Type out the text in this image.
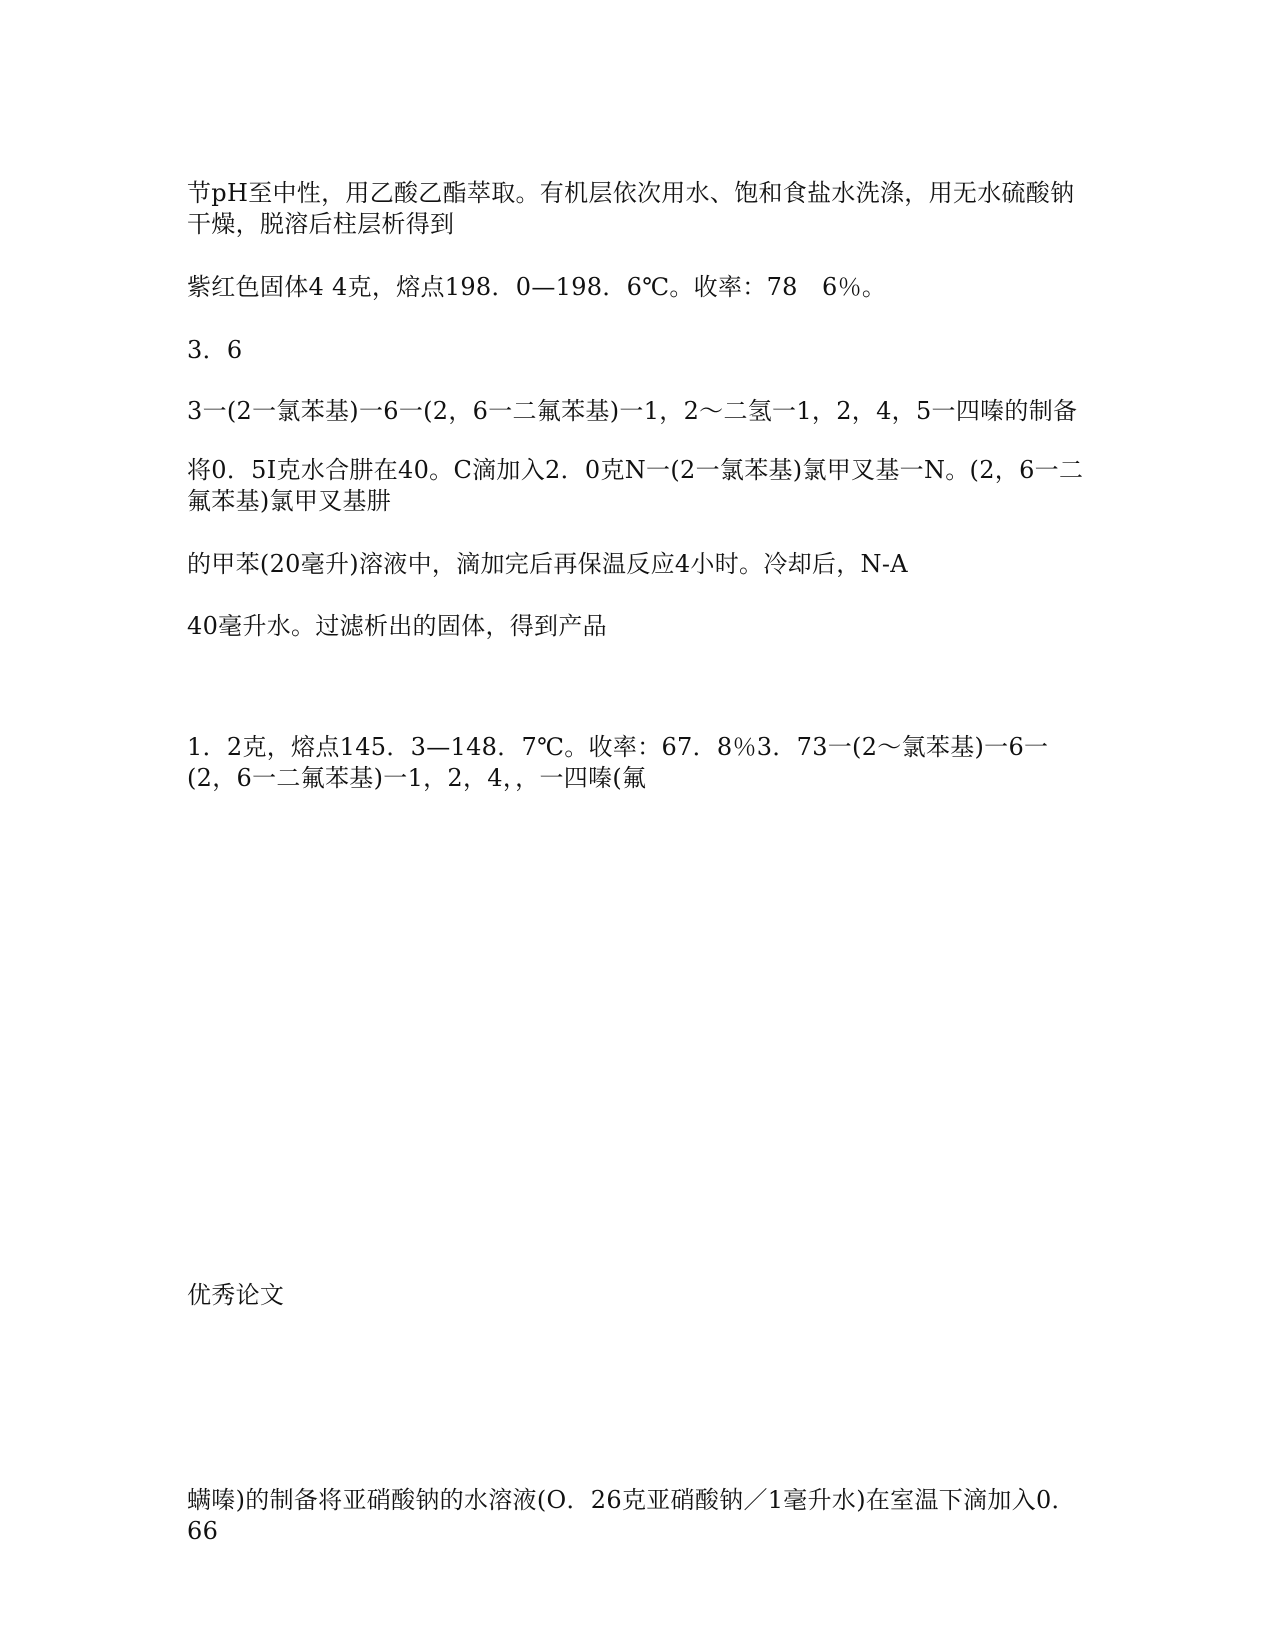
节pH至中性，用乙酸乙酯萃取。有机层依次用水、饱和食盐水洗涤，用无水硫酸钠干燥，脱溶后柱层析得到

紫红色固体4 4克，熔点198．0—198．6℃。收率：78　6％。

3．6

3一(2一氯苯基)一6一(2，6一二氟苯基)一1，2～二氢一1，2，4，5一四嗪的制备

将0．5I克水合肼在40。C滴加入2．0克N一(2一氯苯基)氯甲叉基一N。(2，6一二氟苯基)氯甲叉基肼

的甲苯(20毫升)溶液中，滴加完后再保温反应4小时。冷却后，N-A

40毫升水。过滤析出的固体，得到产品

1．2克，熔点145．3—148．7℃。收率：67．8％3．73一(2～氯苯基)一6一(2，6一二氟苯基)一1，2，4，，一四嗪(氟

优秀论文

螨嗪)的制备将亚硝酸钠的水溶液(O．26克亚硝酸钠／1毫升水)在室温下滴加入0．66
